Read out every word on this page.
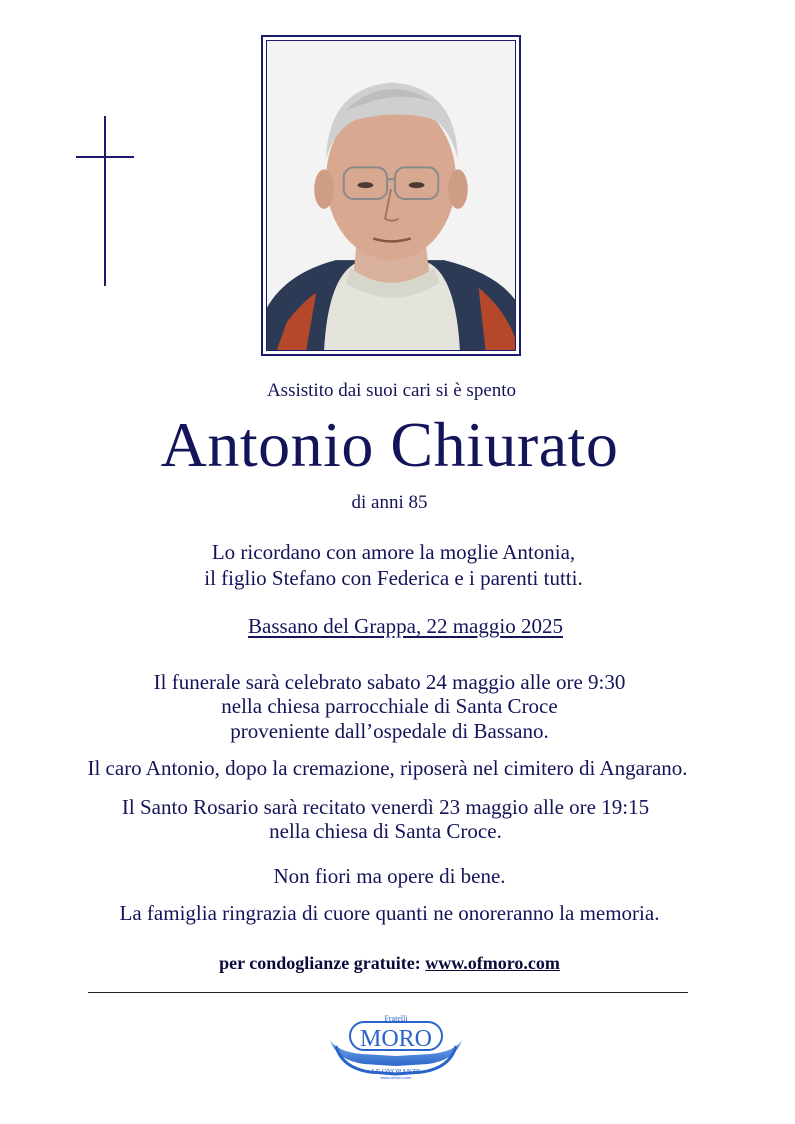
Assistito dai suoi cari si è spento
Antonio Chiurato
di anni 85
Lo ricordano con amore la moglie Antonia,
il figlio Stefano con Federica e i parenti tutti.
Bassano del Grappa, 22 maggio 2025
Il funerale sarà celebrato sabato 24 maggio alle ore 9:30
nella chiesa parrocchiale di Santa Croce
proveniente dall’ospedale di Bassano.
Il caro Antonio, dopo la cremazione, riposerà nel cimitero di Angarano.
Il Santo Rosario sarà recitato venerdì 23 maggio alle ore 19:15
nella chiesa di Santa Croce.
Non fiori ma opere di bene.
La famiglia ringrazia di cuore quanti ne onoreranno la memoria.
per condoglianze gratuite: www.ofmoro.com
Fratelli
MORO
LE ONORANZE
www.ofmoro.com
